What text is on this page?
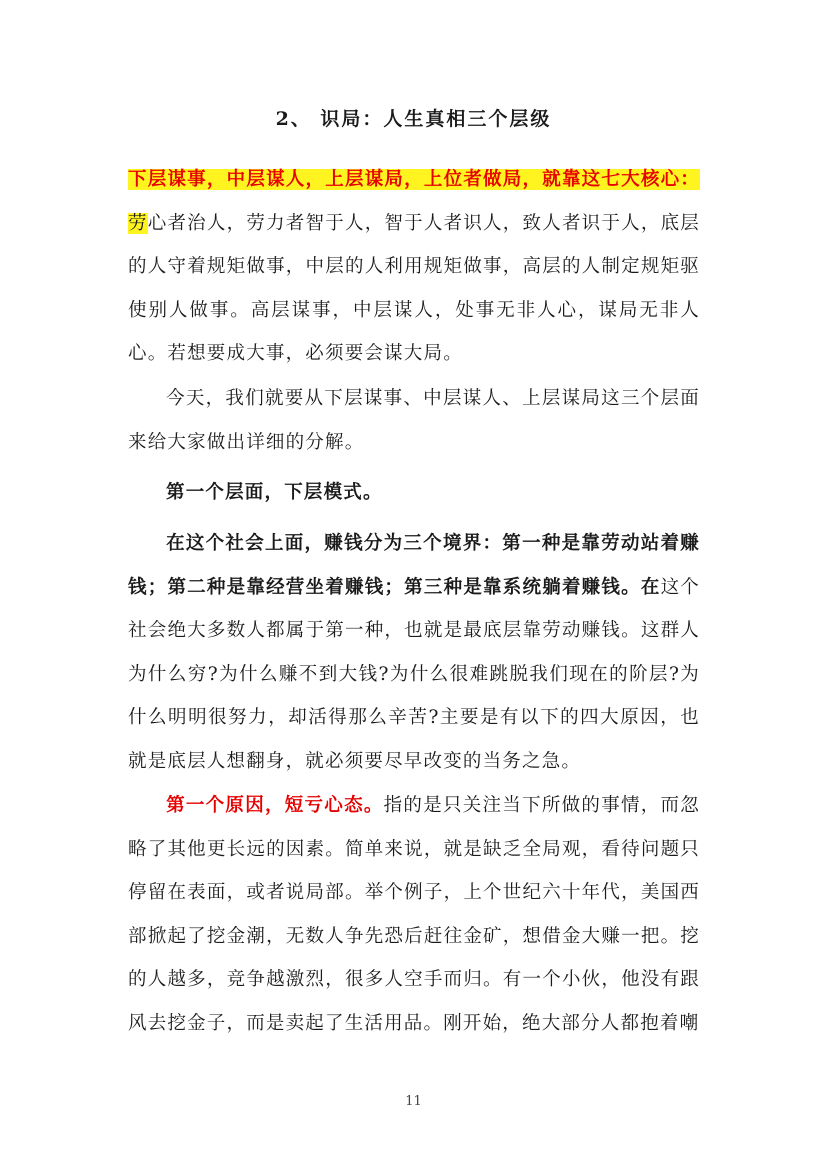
2、 识局：人生真相三个层级
下层谋事，中层谋人，上层谋局，上位者做局，就靠这七大核心：劳心者治人，劳力者智于人，智于人者识人，致人者识于人，底层的人守着规矩做事，中层的人利用规矩做事，高层的人制定规矩驱使别人做事。高层谋事，中层谋人，处事无非人心，谋局无非人心。若想要成大事，必须要会谋大局。
今天，我们就要从下层谋事、中层谋人、上层谋局这三个层面来给大家做出详细的分解。
第一个层面，下层模式。
在这个社会上面，赚钱分为三个境界：第一种是靠劳动站着赚钱；第二种是靠经营坐着赚钱；第三种是靠系统躺着赚钱。在这个社会绝大多数人都属于第一种，也就是最底层靠劳动赚钱。这群人为什么穷?为什么赚不到大钱?为什么很难跳脱我们现在的阶层?为什么明明很努力，却活得那么辛苦?主要是有以下的四大原因，也就是底层人想翻身，就必须要尽早改变的当务之急。
第一个原因，短亏心态。指的是只关注当下所做的事情，而忽略了其他更长远的因素。简单来说，就是缺乏全局观，看待问题只停留在表面，或者说局部。举个例子，上个世纪六十年代，美国西部掀起了挖金潮，无数人争先恐后赶往金矿，想借金大赚一把。挖的人越多，竞争越激烈，很多人空手而归。有一个小伙，他没有跟风去挖金子，而是卖起了生活用品。刚开始，绝大部分人都抱着嘲
11
